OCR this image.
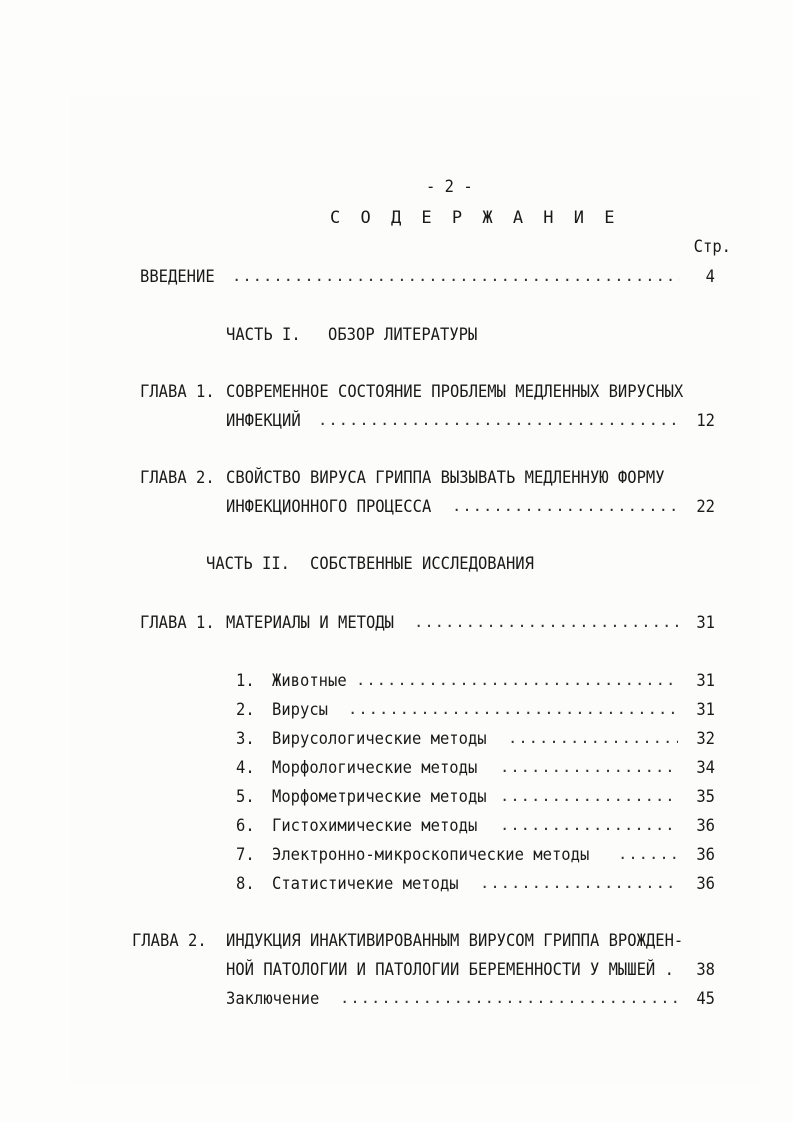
- 2 -
С О Д Е Р Ж А Н И Е
Стр.
ВВЕДЕНИЕ .....	4
ЧАСТЬ I. ОБЗОР ЛИТЕРАТУРЫ
ГЛАВА 1. СОВРЕМЕННОЕ СОСТОЯНИЕ ПРОБЛЕМЫ МЕДЛЕННЫХ ВИРУСНЫХ
ИНФЕКЦИЙ .....	12
ГЛАВА 2. СВОЙСТВО ВИРУСА ГРИППА ВЫЗЫВАТЬ МЕДЛЕННУЮ ФОРМУ
ИНФЕКЦИОННОГО ПРОЦЕССА .....	22
ЧАСТЬ II. СОБСТВЕННЫЕ ИССЛЕДОВАНИЯ
ГЛАВА 1. МАТЕРИАЛЫ И МЕТОДЫ .....	31
1. Животные .....	31
2. Вирусы .....	31
3. Вирусологические методы .....	32
4. Морфологические методы .....	34
5. Морфометрические методы .....	35
6. Гистохимические методы .....	36
7. Электронно-микроскопические методы .....	36
8. Статистичекие методы .....	36
ГЛАВА 2. ИНДУКЦИЯ ИНАКТИВИРОВАННЫМ ВИРУСОМ ГРИППА ВРОЖДЕН-
НОЙ ПАТОЛОГИИ И ПАТОЛОГИИ БЕРЕМЕННОСТИ У МЫШЕЙ . 38
Заключение .....	45
